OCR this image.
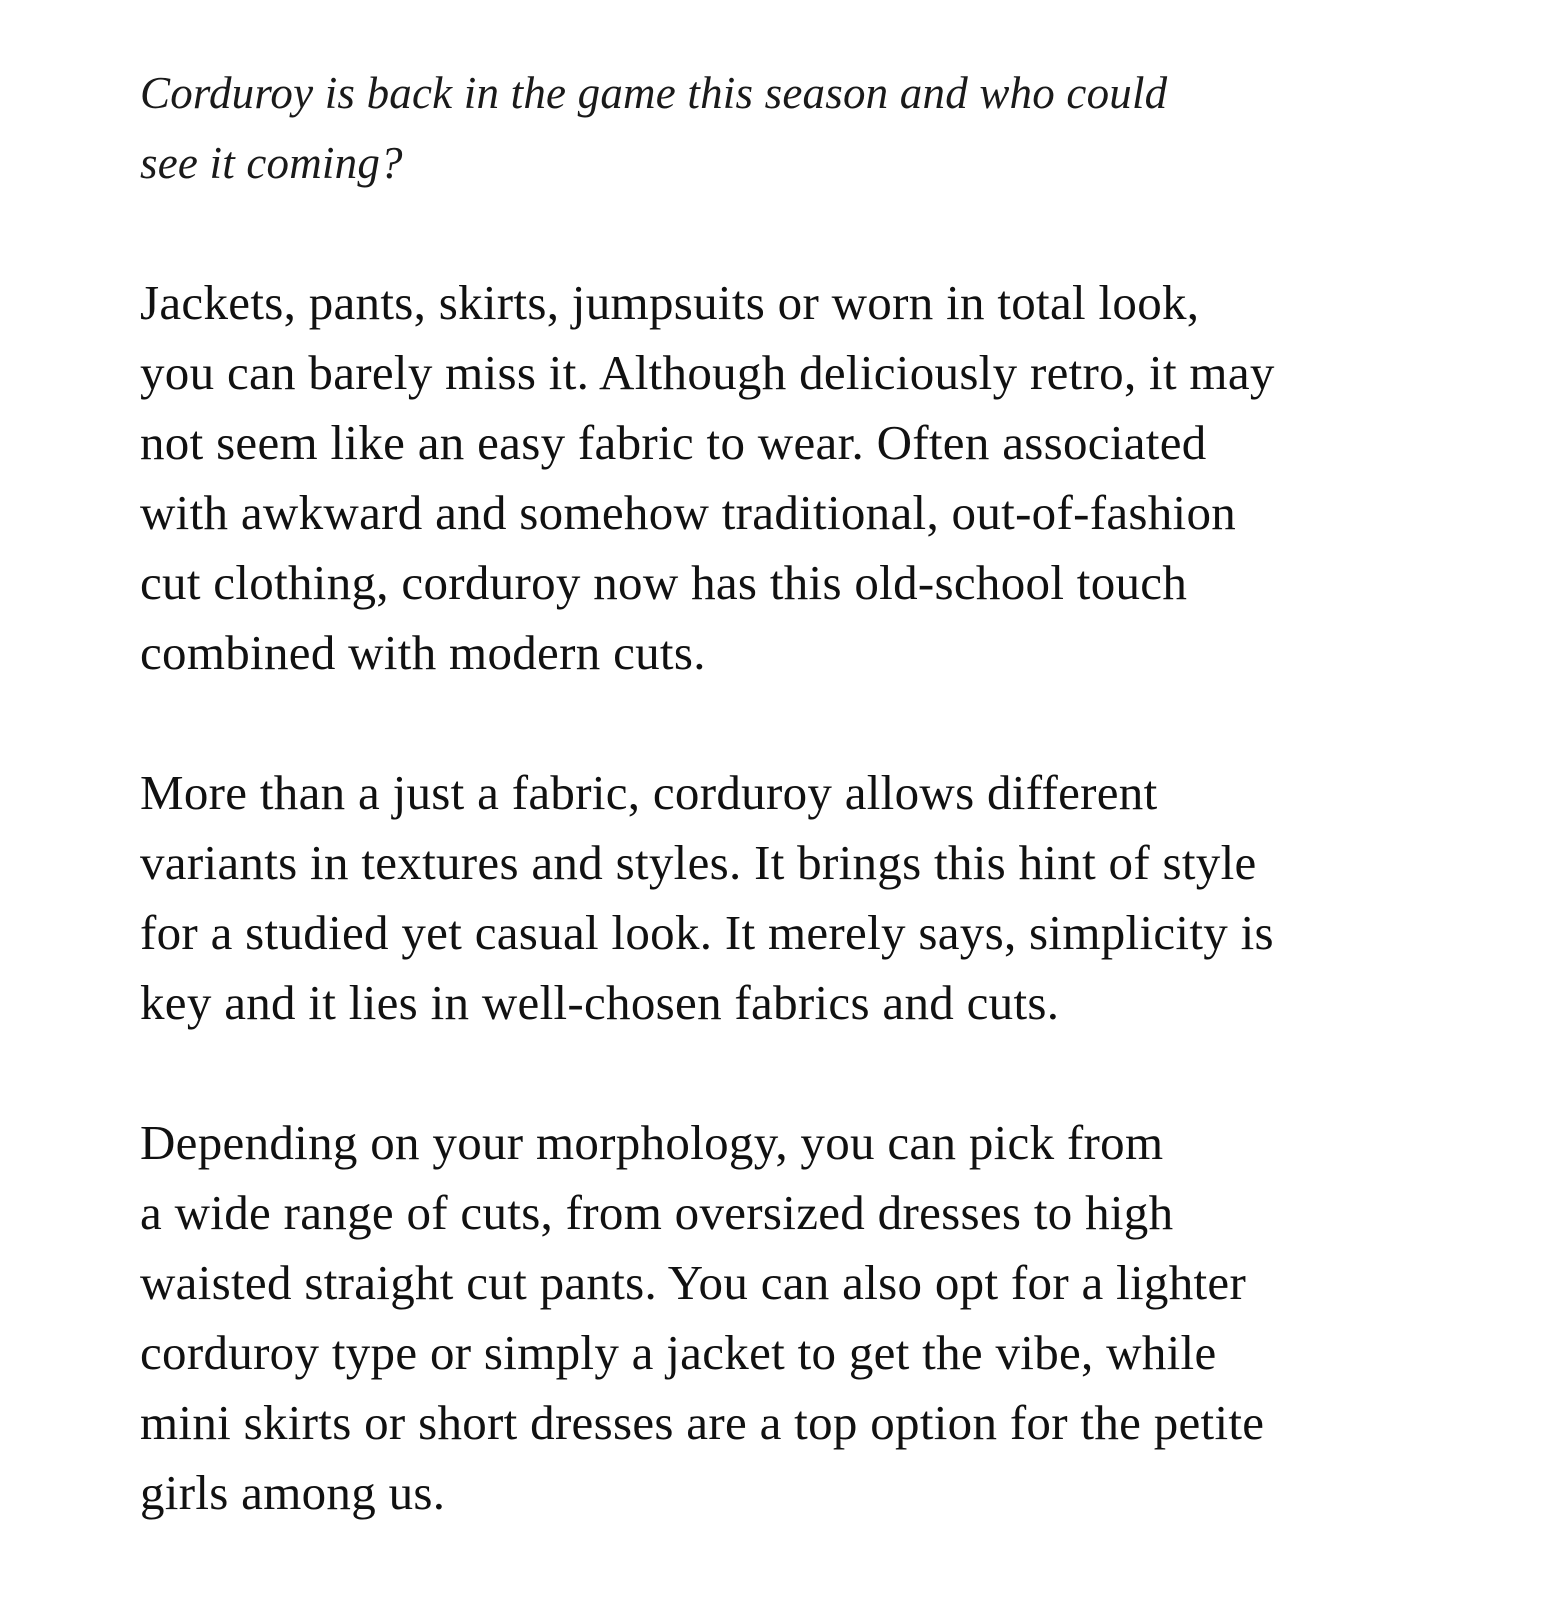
Corduroy is back in the game this season and who could
see it coming?

Jackets, pants, skirts, jumpsuits or worn in total look,
you can barely miss it. Although deliciously retro, it may
not seem like an easy fabric to wear. Often associated
with awkward and somehow traditional, out-of-fashion
cut clothing, corduroy now has this old-school touch
combined with modern cuts.

More than a just a fabric, corduroy allows different
variants in textures and styles. It brings this hint of style
for a studied yet casual look. It merely says, simplicity is
key and it lies in well-chosen fabrics and cuts.

Depending on your morphology, you can pick from
a wide range of cuts, from oversized dresses to high
waisted straight cut pants. You can also opt for a lighter
corduroy type or simply a jacket to get the vibe, while
mini skirts or short dresses are a top option for the petite
girls among us.
